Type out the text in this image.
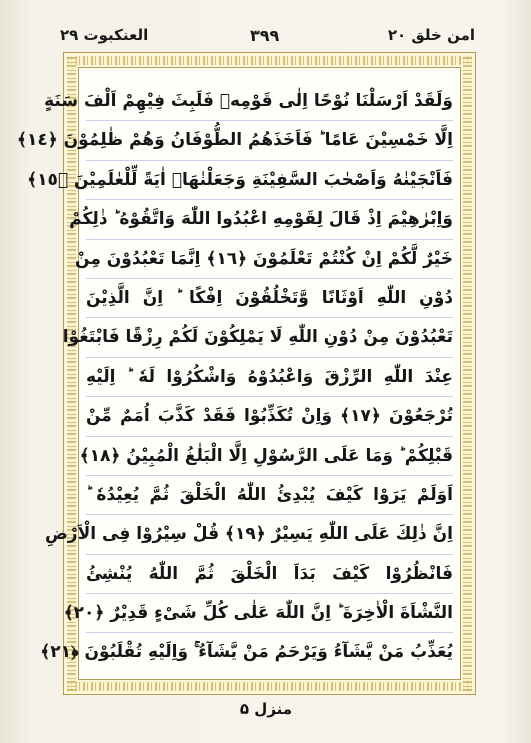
العنكبوت ٢٩	٣٩٩	امن خلق ٢٠
وَلَقَدْ اَرْسَلْنَا نُوْحًا اِلٰى قَوْمِهٖ فَلَبِثَ فِيْهِمْ اَلْفَ سَنَةٍ
اِلَّا خَمْسِيْنَ عَامًا ؕ فَاَخَذَهُمُ الطُّوْفَانُ وَهُمْ ظٰلِمُوْنَ ﴿١٤﴾
فَاَنْجَيْنٰهُ وَاَصْحٰبَ السَّفِيْنَةِ وَجَعَلْنٰهَاۤ اٰيَةً لِّلْعٰلَمِيْنَ ﴿١٥﴾
وَاِبْرٰهِيْمَ اِذْ قَالَ لِقَوْمِهِ اعْبُدُوا اللّٰهَ وَاتَّقُوْهُ ؕ ذٰلِكُمْ
خَيْرٌ لَّكُمْ اِنْ كُنْتُمْ تَعْلَمُوْنَ ﴿١٦﴾ اِنَّمَا تَعْبُدُوْنَ مِنْ
دُوْنِ اللّٰهِ اَوْثَانًا وَّتَخْلُقُوْنَ اِفْكًا ؕ اِنَّ الَّذِيْنَ
تَعْبُدُوْنَ مِنْ دُوْنِ اللّٰهِ لَا يَمْلِكُوْنَ لَكُمْ رِزْقًا فَابْتَغُوْا
عِنْدَ اللّٰهِ الرِّزْقَ وَاعْبُدُوْهُ وَاشْكُرُوْا لَهٗ ؕ اِلَيْهِ
تُرْجَعُوْنَ ﴿١٧﴾ وَاِنْ تُكَذِّبُوْا فَقَدْ كَذَّبَ اُمَمٌ مِّنْ
قَبْلِكُمْ ؕ وَمَا عَلَى الرَّسُوْلِ اِلَّا الْبَلٰغُ الْمُبِيْنُ ﴿١٨﴾
اَوَلَمْ يَرَوْا كَيْفَ يُبْدِئُ اللّٰهُ الْخَلْقَ ثُمَّ يُعِيْدُهٗ ؕ
اِنَّ ذٰلِكَ عَلَى اللّٰهِ يَسِيْرٌ ﴿١٩﴾ قُلْ سِيْرُوْا فِى الْاَرْضِ
فَانْظُرُوْا كَيْفَ بَدَاَ الْخَلْقَ ثُمَّ اللّٰهُ يُنْشِئُ
النَّشْاَةَ الْاٰخِرَةَ ؕ اِنَّ اللّٰهَ عَلٰى كُلِّ شَیْءٍ قَدِيْرٌ ﴿٢٠﴾
يُعَذِّبُ مَنْ يَّشَآءُ وَيَرْحَمُ مَنْ يَّشَآءُ ۚ وَاِلَيْهِ تُقْلَبُوْنَ ﴿٢١﴾
منزل ۵
